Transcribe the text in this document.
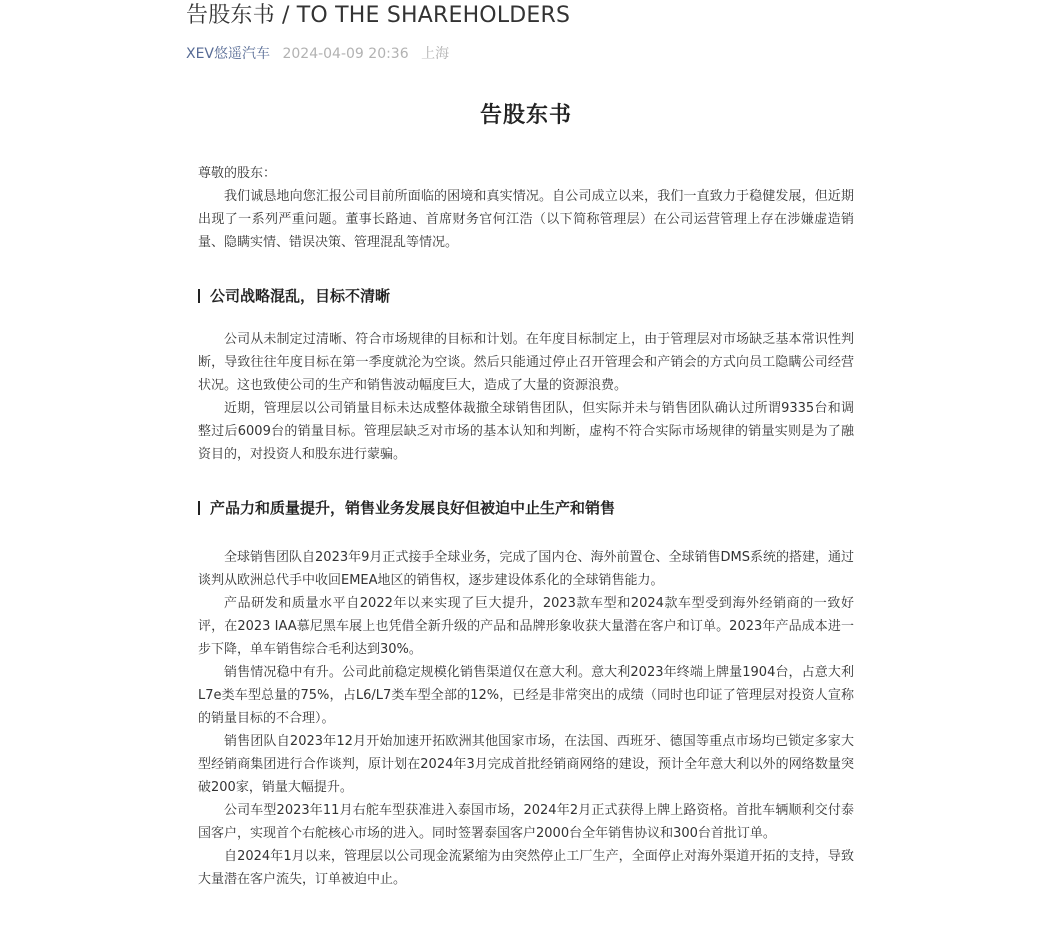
告股东书 / TO THE SHAREHOLDERS
XEV悠遥汽车 2024-04-09 20:36 上海
告股东书
尊敬的股东：

我们诚恳地向您汇报公司目前所面临的困境和真实情况。自公司成立以来，我们一直致力于稳健发展，但近期出现了一系列严重问题。董事长路迪、首席财务官何江浩（以下简称管理层）在公司运营管理上存在涉嫌虚造销量、隐瞒实情、错误决策、管理混乱等情况。

公司战略混乱，目标不清晰

公司从未制定过清晰、符合市场规律的目标和计划。在年度目标制定上，由于管理层对市场缺乏基本常识性判断，导致往往年度目标在第一季度就沦为空谈。然后只能通过停止召开管理会和产销会的方式向员工隐瞒公司经营状况。这也致使公司的生产和销售波动幅度巨大，造成了大量的资源浪费。

近期，管理层以公司销量目标未达成整体裁撤全球销售团队，但实际并未与销售团队确认过所谓9335台和调整过后6009台的销量目标。管理层缺乏对市场的基本认知和判断，虚构不符合实际市场规律的销量实则是为了融资目的，对投资人和股东进行蒙骗。

产品力和质量提升，销售业务发展良好但被迫中止生产和销售

全球销售团队自2023年9月正式接手全球业务，完成了国内仓、海外前置仓、全球销售DMS系统的搭建，通过谈判从欧洲总代手中收回EMEA地区的销售权，逐步建设体系化的全球销售能力。

产品研发和质量水平自2022年以来实现了巨大提升，2023款车型和2024款车型受到海外经销商的一致好评，在2023 IAA慕尼黑车展上也凭借全新升级的产品和品牌形象收获大量潜在客户和订单。2023年产品成本进一步下降，单车销售综合毛利达到30%。

销售情况稳中有升。公司此前稳定规模化销售渠道仅在意大利。意大利2023年终端上牌量1904台，占意大利L7e类车型总量的75%，占L6/L7类车型全部的12%，已经是非常突出的成绩（同时也印证了管理层对投资人宣称的销量目标的不合理）。

销售团队自2023年12月开始加速开拓欧洲其他国家市场，在法国、西班牙、德国等重点市场均已锁定多家大型经销商集团进行合作谈判，原计划在2024年3月完成首批经销商网络的建设，预计全年意大利以外的网络数量突破200家，销量大幅提升。

公司车型2023年11月右舵车型获准进入泰国市场，2024年2月正式获得上牌上路资格。首批车辆顺利交付泰国客户，实现首个右舵核心市场的进入。同时签署泰国客户2000台全年销售协议和300台首批订单。

自2024年1月以来，管理层以公司现金流紧缩为由突然停止工厂生产，全面停止对海外渠道开拓的支持，导致大量潜在客户流失，订单被迫中止。
